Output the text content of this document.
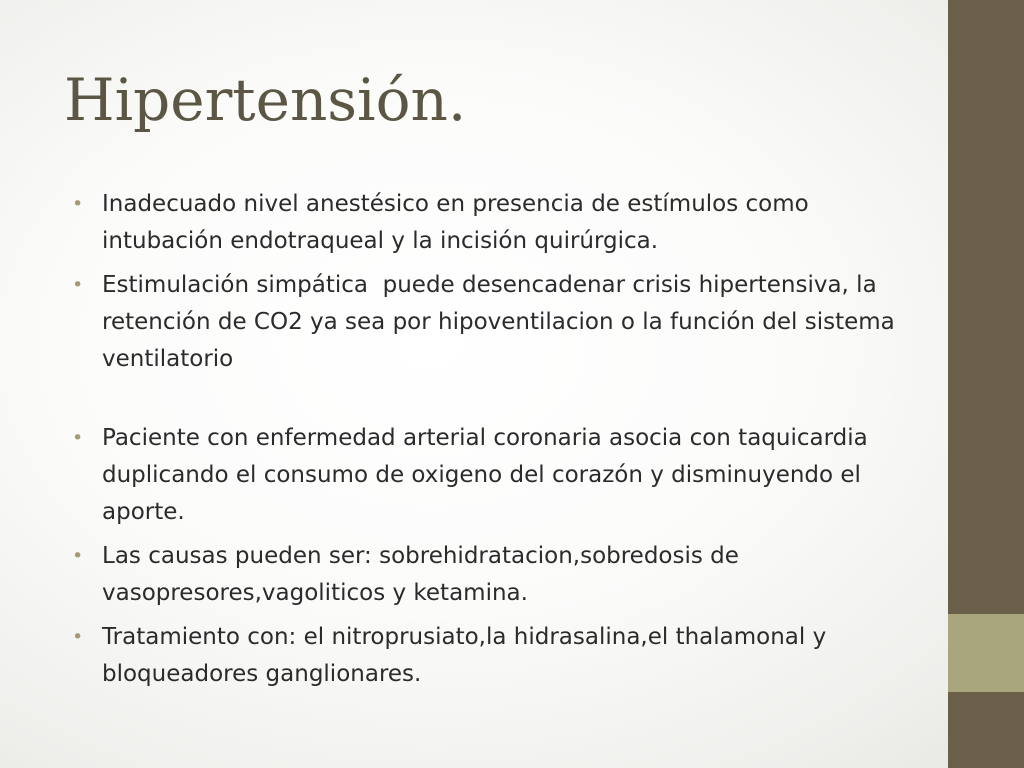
Hipertensión.
• Inadecuado nivel anestésico en presencia de estímulos como intubación endotraqueal y la incisión quirúrgica.
• Estimulación simpática  puede desencadenar crisis hipertensiva, la retención de CO2 ya sea por hipoventilacion o la función del sistema ventilatorio
• Paciente con enfermedad arterial coronaria asocia con taquicardia duplicando el consumo de oxigeno del corazón y disminuyendo el aporte.
• Las causas pueden ser: sobrehidratacion,sobredosis de vasopresores,vagoliticos y ketamina.
• Tratamiento con: el nitroprusiato,la hidrasalina,el thalamonal y bloqueadores ganglionares.
